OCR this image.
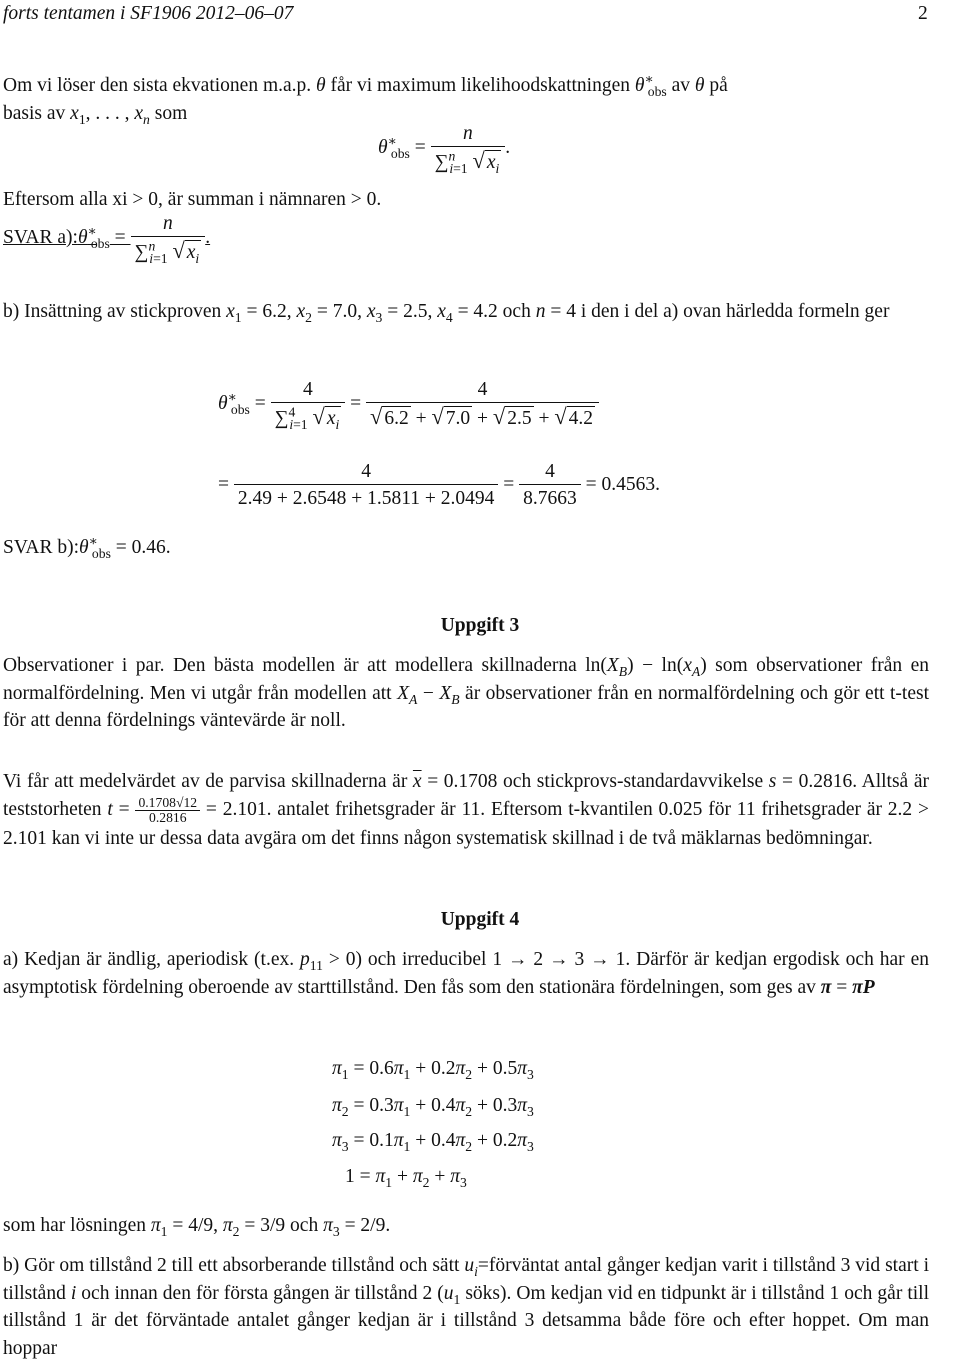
forts tentamen i SF1906 2012–06–07	2
Om vi löser den sista ekvationen m.a.p. θ får vi maximum likelihoodskattningen $\theta^∗_{obs}$ av θ på
basis av $x_1$, . . . , $x_n$ som
$\theta^∗_{obs} = \frac{n}{\sum^n_{i=1} √ x_i}$ .
Eftersom alla xi > 0, är summan i nämnaren > 0.
SVAR $a):\theta^∗_{obs} = \frac{n}{\sum^n_{i=1} √ x_i}$ .
b) Insättning av stickproven $x_1 = 6.2$, $x_2 = 7.0$, $x_3 = 2.5$, $x_4 = 4.2$ och n = 4 i den i del a) ovan härledda formeln ger
$\theta^∗_{obs} = \frac{4}{\sum^4_{i=1} √ x_i} = \frac{4}{√ 6.2 + √ 7.0 + √ 2.5 + √ 4.2}$
= $\frac{4}{2.49 + 2.6548 + 1.5811 + 2.0494} = \frac{4}{8.7663} = 0.4563$.
SVAR $b):\theta^∗_{obs} = 0.46$.
Uppgift 3
Observationer i par. Den bästa modellen är att modellera skillnaderna $\ln(X_B) - \ln(x_A)$ som observationer från en normalfördelning. Men vi utgår från modellen att $X_A - X_B$ är observationer från en normalfördelning och gör ett t-test för att denna fördelnings väntevärde är noll.
Vi får att medelvärdet av de parvisa skillnaderna är $\overline{x} = 0.1708$ och stickprovs-standardavvikelse s = 0.2816. Alltså är teststorheten $t = \frac{0.1708√12}{0.2816} = 2.101$. antalet frihetsgrader är 11. Eftersom t-kvantilen 0.025 för 11 frihetsgrader är 2.2 > 2.101 kan vi inte ur dessa data avgära om det finns någon systematisk skillnad i de två mäklarnas bedömningar.
Uppgift 4
a) Kedjan är ändlig, aperiodisk (t.ex. $p_{11} > 0$) och irreducibel 1 → 2 → 3 → 1. Därför är kedjan ergodisk och har en asymptotisk fördelning oberoende av starttillstånd. Den fås som den stationära fördelningen, som ges av π = πP
$\pi_1 = 0.6\pi_1 + 0.2\pi_2 + 0.5\pi_3$
$\pi_2 = 0.3\pi_1 + 0.4\pi_2 + 0.3\pi_3$
$\pi_3 = 0.1\pi_1 + 0.4\pi_2 + 0.2\pi_3$
$1 = \pi_1 + \pi_2 + \pi_3$
som har lösningen $\pi_1 = 4/9$, $\pi_2 = 3/9$ och $\pi_3 = 2/9$.
b) Gör om tillstånd 2 till ett absorberande tillstånd och sätt $u_i=förväntat$ antal gånger kedjan varit i tillstånd 3 vid start i tillstånd i och innan den för första gången är tillstånd 2 ($u_1$ söks). Om kedjan vid en tidpunkt är i tillstånd 1 och går till tillstånd 1 är det förväntade antalet gånger kedjan är i tillstånd 3 detsamma både före och efter hoppet. Om man hoppar
